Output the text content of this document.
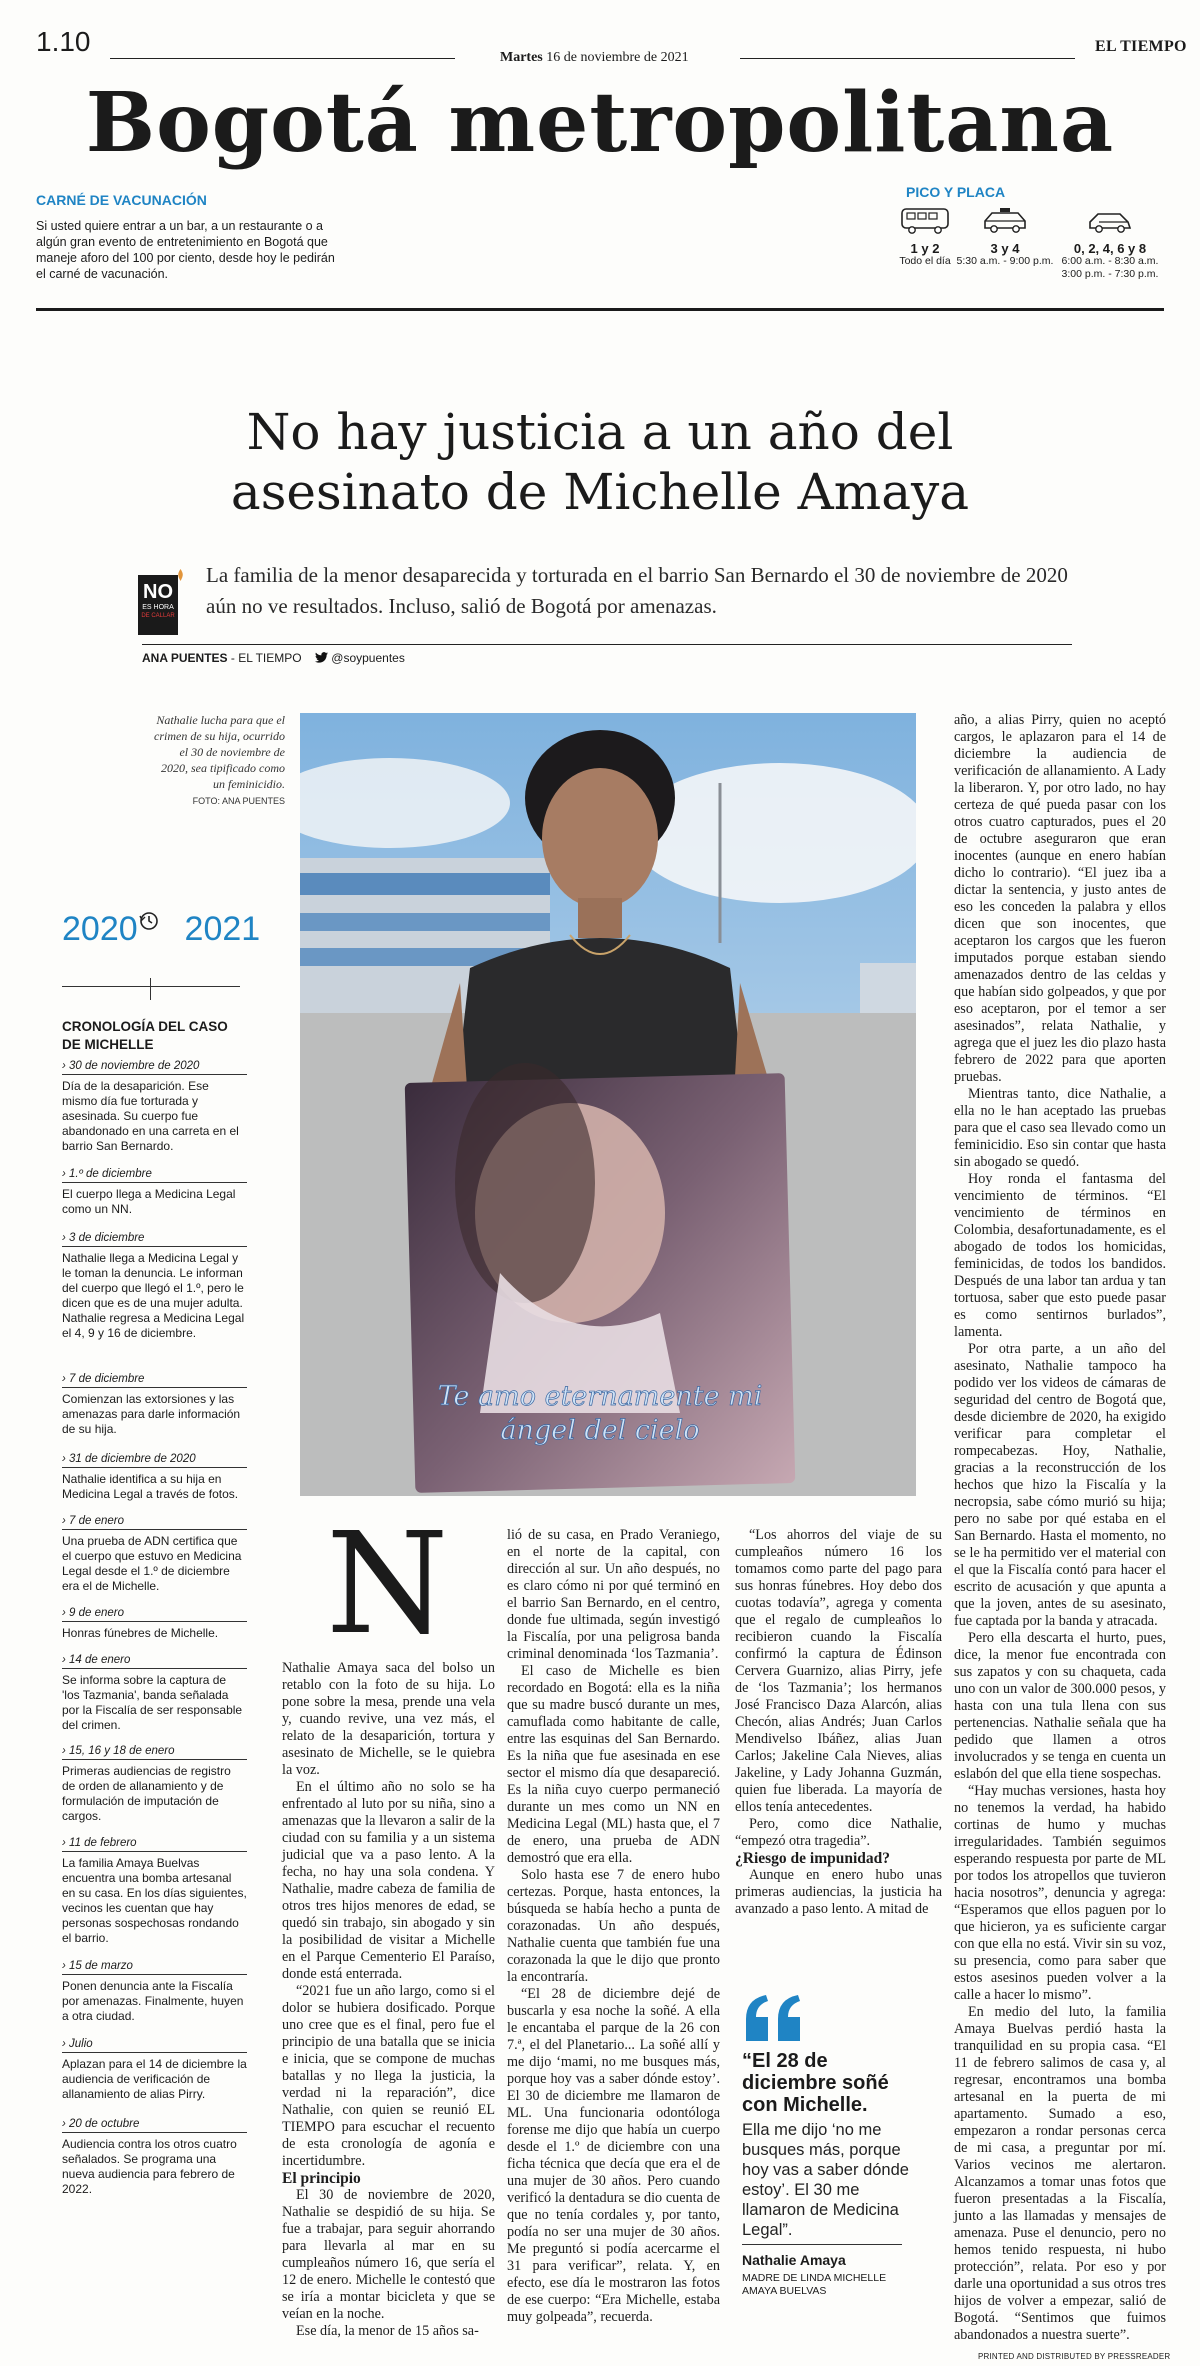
1.10
Martes 16 de noviembre de 2021
EL TIEMPO
Bogotá metropolitana
CARNÉ DE VACUNACIÓN
Si usted quiere entrar a un bar, a un restaurante o a algún gran evento de entretenimiento en Bogotá que maneje aforo del 100 por ciento, desde hoy le pedirán el carné de vacunación.
PICO Y PLACA
1 y 2
Todo el día
3 y 4
5:30 a.m. - 9:00 p.m.
0, 2, 4, 6 y 8
6:00 a.m. - 8:30 a.m. 3:00 p.m. - 7:30 p.m.
No hay justicia a un año del
asesinato de Michelle Amaya
NO
ES HORA
DE CALLAR
La familia de la menor desaparecida y torturada en el barrio San Bernardo el 30 de noviembre de 2020 aún no ve resultados. Incluso, salió de Bogotá por amenazas.
ANA PUENTES - EL TIEMPO @soypuentes
Nathalie lucha para que el crimen de su hija, ocurrido el 30 de noviembre de 2020, sea tipificado como un feminicidio.
FOTO: ANA PUENTES
Te amo eternamente mi
ángel del cielo
2020 2021
CRONOLOGÍA DEL CASO DE MICHELLE
› 30 de noviembre de 2020
Día de la desaparición. Ese mismo día fue torturada y asesinada. Su cuerpo fue abandonado en una carreta en el barrio San Bernardo.
› 1.º de diciembre
El cuerpo llega a Medicina Legal como un NN.
› 3 de diciembre
Nathalie llega a Medicina Legal y le toman la denuncia. Le informan del cuerpo que llegó el 1.º, pero le dicen que es de una mujer adulta. Nathalie regresa a Medicina Legal el 4, 9 y 16 de diciembre.
› 7 de diciembre
Comienzan las extorsiones y las amenazas para darle información de su hija.
› 31 de diciembre de 2020
Nathalie identifica a su hija en Medicina Legal a través de fotos.
› 7 de enero
Una prueba de ADN certifica que el cuerpo que estuvo en Medicina Legal desde el 1.º de diciembre era el de Michelle.
› 9 de enero
Honras fúnebres de Michelle.
› 14 de enero
Se informa sobre la captura de 'los Tazmania', banda señalada por la Fiscalía de ser responsable del crimen.
› 15, 16 y 18 de enero
Primeras audiencias de registro de orden de allanamiento y de formulación de imputación de cargos.
› 11 de febrero
La familia Amaya Buelvas encuentra una bomba artesanal en su casa. En los días siguientes, vecinos les cuentan que hay personas sospechosas rondando el barrio.
› 15 de marzo
Ponen denuncia ante la Fiscalía por amenazas. Finalmente, huyen a otra ciudad.
› Julio
Aplazan para el 14 de diciembre la audiencia de verificación de allanamiento de alias Pirry.
› 20 de octubre
Audiencia contra los otros cuatro señalados. Se programa una nueva audiencia para febrero de 2022.
N

Nathalie Amaya saca del bolso un retablo con la foto de su hija. Lo pone sobre la mesa, prende una vela y, cuando revive, una vez más, el relato de la desaparición, tortura y asesinato de Michelle, se le quiebra la voz.

En el último año no solo se ha enfrentado al luto por su niña, sino a amenazas que la llevaron a salir de la ciudad con su familia y a un sistema judicial que va a paso lento. A la fecha, no hay una sola condena. Y Nathalie, madre cabeza de familia de otros tres hijos menores de edad, se quedó sin trabajo, sin abogado y sin la posibilidad de visitar a Michelle en el Parque Cementerio El Paraíso, donde está enterrada.

“2021 fue un año largo, como si el dolor se hubiera dosificado. Porque uno cree que es el final, pero fue el principio de una batalla que se inicia e inicia, que se compone de muchas batallas y no llega la justicia, la verdad ni la reparación”, dice Nathalie, con quien se reunió EL TIEMPO para escuchar el recuento de esta cronología de agonía e incertidumbre.

El principio

El 30 de noviembre de 2020, Nathalie se despidió de su hija. Se fue a trabajar, para seguir ahorrando para llevarla al mar en su cumpleaños número 16, que sería el 12 de enero. Michelle le contestó que se iría a montar bicicleta y que se veían en la noche.

Ese día, la menor de 15 años sa-

lió de su casa, en Prado Veraniego, en el norte de la capital, con dirección al sur. Un año después, no es claro cómo ni por qué terminó en el barrio San Bernardo, en el centro, donde fue ultimada, según investigó la Fiscalía, por una peligrosa banda criminal denominada ‘los Tazmania’.

El caso de Michelle es bien recordado en Bogotá: ella es la niña que su madre buscó durante un mes, camuflada como habitante de calle, entre las esquinas del San Bernardo. Es la niña que fue asesinada en ese sector el mismo día que desapareció. Es la niña cuyo cuerpo permaneció durante un mes como un NN en Medicina Legal (ML) hasta que, el 7 de enero, una prueba de ADN demostró que era ella.

Solo hasta ese 7 de enero hubo certezas. Porque, hasta entonces, la búsqueda se había hecho a punta de corazonadas. Un año después, Nathalie cuenta que también fue una corazonada la que le dijo que pronto la encontraría.

“El 28 de diciembre dejé de buscarla y esa noche la soñé. A ella le encantaba el parque de la 26 con 7.ª, el del Planetario... La soñé allí y me dijo ‘mami, no me busques más, porque hoy vas a saber dónde estoy’. El 30 de diciembre me llamaron de ML. Una funcionaria odontóloga forense me dijo que había un cuerpo desde el 1.º de diciembre con una ficha técnica que decía que era el de una mujer de 30 años. Pero cuando verificó la dentadura se dio cuenta de que no tenía cordales y, por tanto, podía no ser una mujer de 30 años. Me preguntó si podía acercarme el 31 para verificar”, relata. Y, en efecto, ese día le mostraron las fotos de ese cuerpo: “Era Michelle, estaba muy golpeada”, recuerda.

“Los ahorros del viaje de su cumpleaños número 16 los tomamos como parte del pago para sus honras fúnebres. Hoy debo dos cuotas todavía”, agrega y comenta que el regalo de cumpleaños lo recibieron cuando la Fiscalía confirmó la captura de Édinson Cervera Guarnizo, alias Pirry, jefe de ‘los Tazmania’; los hermanos José Francisco Daza Alarcón, alias Checón, alias Andrés; Juan Carlos Mendivelso Ibáñez, alias Juan Carlos; Jakeline Cala Nieves, alias Jakeline, y Lady Johanna Guzmán, quien fue liberada. La mayoría de ellos tenía antecedentes.

Pero, como dice Nathalie, “empezó otra tragedia”.

¿Riesgo de impunidad?

Aunque en enero hubo unas primeras audiencias, la justicia ha avanzado a paso lento. A mitad de

año, a alias Pirry, quien no aceptó cargos, le aplazaron para el 14 de diciembre la audiencia de verificación de allanamiento. A Lady la liberaron. Y, por otro lado, no hay certeza de qué pueda pasar con los otros cuatro capturados, pues el 20 de octubre aseguraron que eran inocentes (aunque en enero habían dicho lo contrario). “El juez iba a dictar la sentencia, y justo antes de eso les conceden la palabra y ellos dicen que son inocentes, que aceptaron los cargos que les fueron imputados porque estaban siendo amenazados dentro de las celdas y que habían sido golpeados, y que por eso aceptaron, por el temor a ser asesinados”, relata Nathalie, y agrega que el juez les dio plazo hasta febrero de 2022 para que aporten pruebas.

Mientras tanto, dice Nathalie, a ella no le han aceptado las pruebas para que el caso sea llevado como un feminicidio. Eso sin contar que hasta sin abogado se quedó.

Hoy ronda el fantasma del vencimiento de términos. “El vencimiento de términos en Colombia, desafortunadamente, es el abogado de todos los homicidas, feminicidas, de todos los bandidos. Después de una labor tan ardua y tan tortuosa, saber que esto puede pasar es como sentirnos burlados”, lamenta.

Por otra parte, a un año del asesinato, Nathalie tampoco ha podido ver los videos de cámaras de seguridad del centro de Bogotá que, desde diciembre de 2020, ha exigido verificar para completar el rompecabezas. Hoy, Nathalie, gracias a la reconstrucción de los hechos que hizo la Fiscalía y la necropsia, sabe cómo murió su hija; pero no sabe por qué estaba en el San Bernardo. Hasta el momento, no se le ha permitido ver el material con el que la Fiscalía contó para hacer el escrito de acusación y que apunta a que la joven, antes de su asesinato, fue captada por la banda y atracada.

Pero ella descarta el hurto, pues, dice, la menor fue encontrada con sus zapatos y con su chaqueta, cada uno con un valor de 300.000 pesos, y hasta con una tula llena con sus pertenencias. Nathalie señala que ha pedido que llamen a otros involucrados y se tenga en cuenta un eslabón del que ella tiene sospechas.

“Hay muchas versiones, hasta hoy no tenemos la verdad, ha habido cortinas de humo y muchas irregularidades. También seguimos esperando respuesta por parte de ML por todos los atropellos que tuvieron hacia nosotros”, denuncia y agrega: “Esperamos que ellos paguen por lo que hicieron, ya es suficiente cargar con que ella no está. Vivir sin su voz, su presencia, como para saber que estos asesinos pueden volver a la calle a hacer lo mismo”.

En medio del luto, la familia Amaya Buelvas perdió hasta la tranquilidad en su propia casa. “El 11 de febrero salimos de casa y, al regresar, encontramos una bomba artesanal en la puerta de mi apartamento. Sumado a eso, empezaron a rondar personas cerca de mi casa, a preguntar por mí. Varios vecinos me alertaron. Alcanzamos a tomar unas fotos que fueron presentadas a la Fiscalía, junto a las llamadas y mensajes de amenaza. Puse el denuncio, pero no hemos tenido respuesta, ni hubo protección”, relata. Por eso y por darle una oportunidad a sus otros tres hijos de volver a empezar, salió de Bogotá. “Sentimos que fuimos abandonados a nuestra suerte”.

“El 28 de diciembre soñé con Michelle.
Ella me dijo ‘no me busques más, porque hoy vas a saber dónde estoy’. El 30 me llamaron de Medicina Legal”.
Nathalie Amaya
MADRE DE LINDA MICHELLE AMAYA BUELVAS
PRINTED AND DISTRIBUTED BY PRESSREADER
